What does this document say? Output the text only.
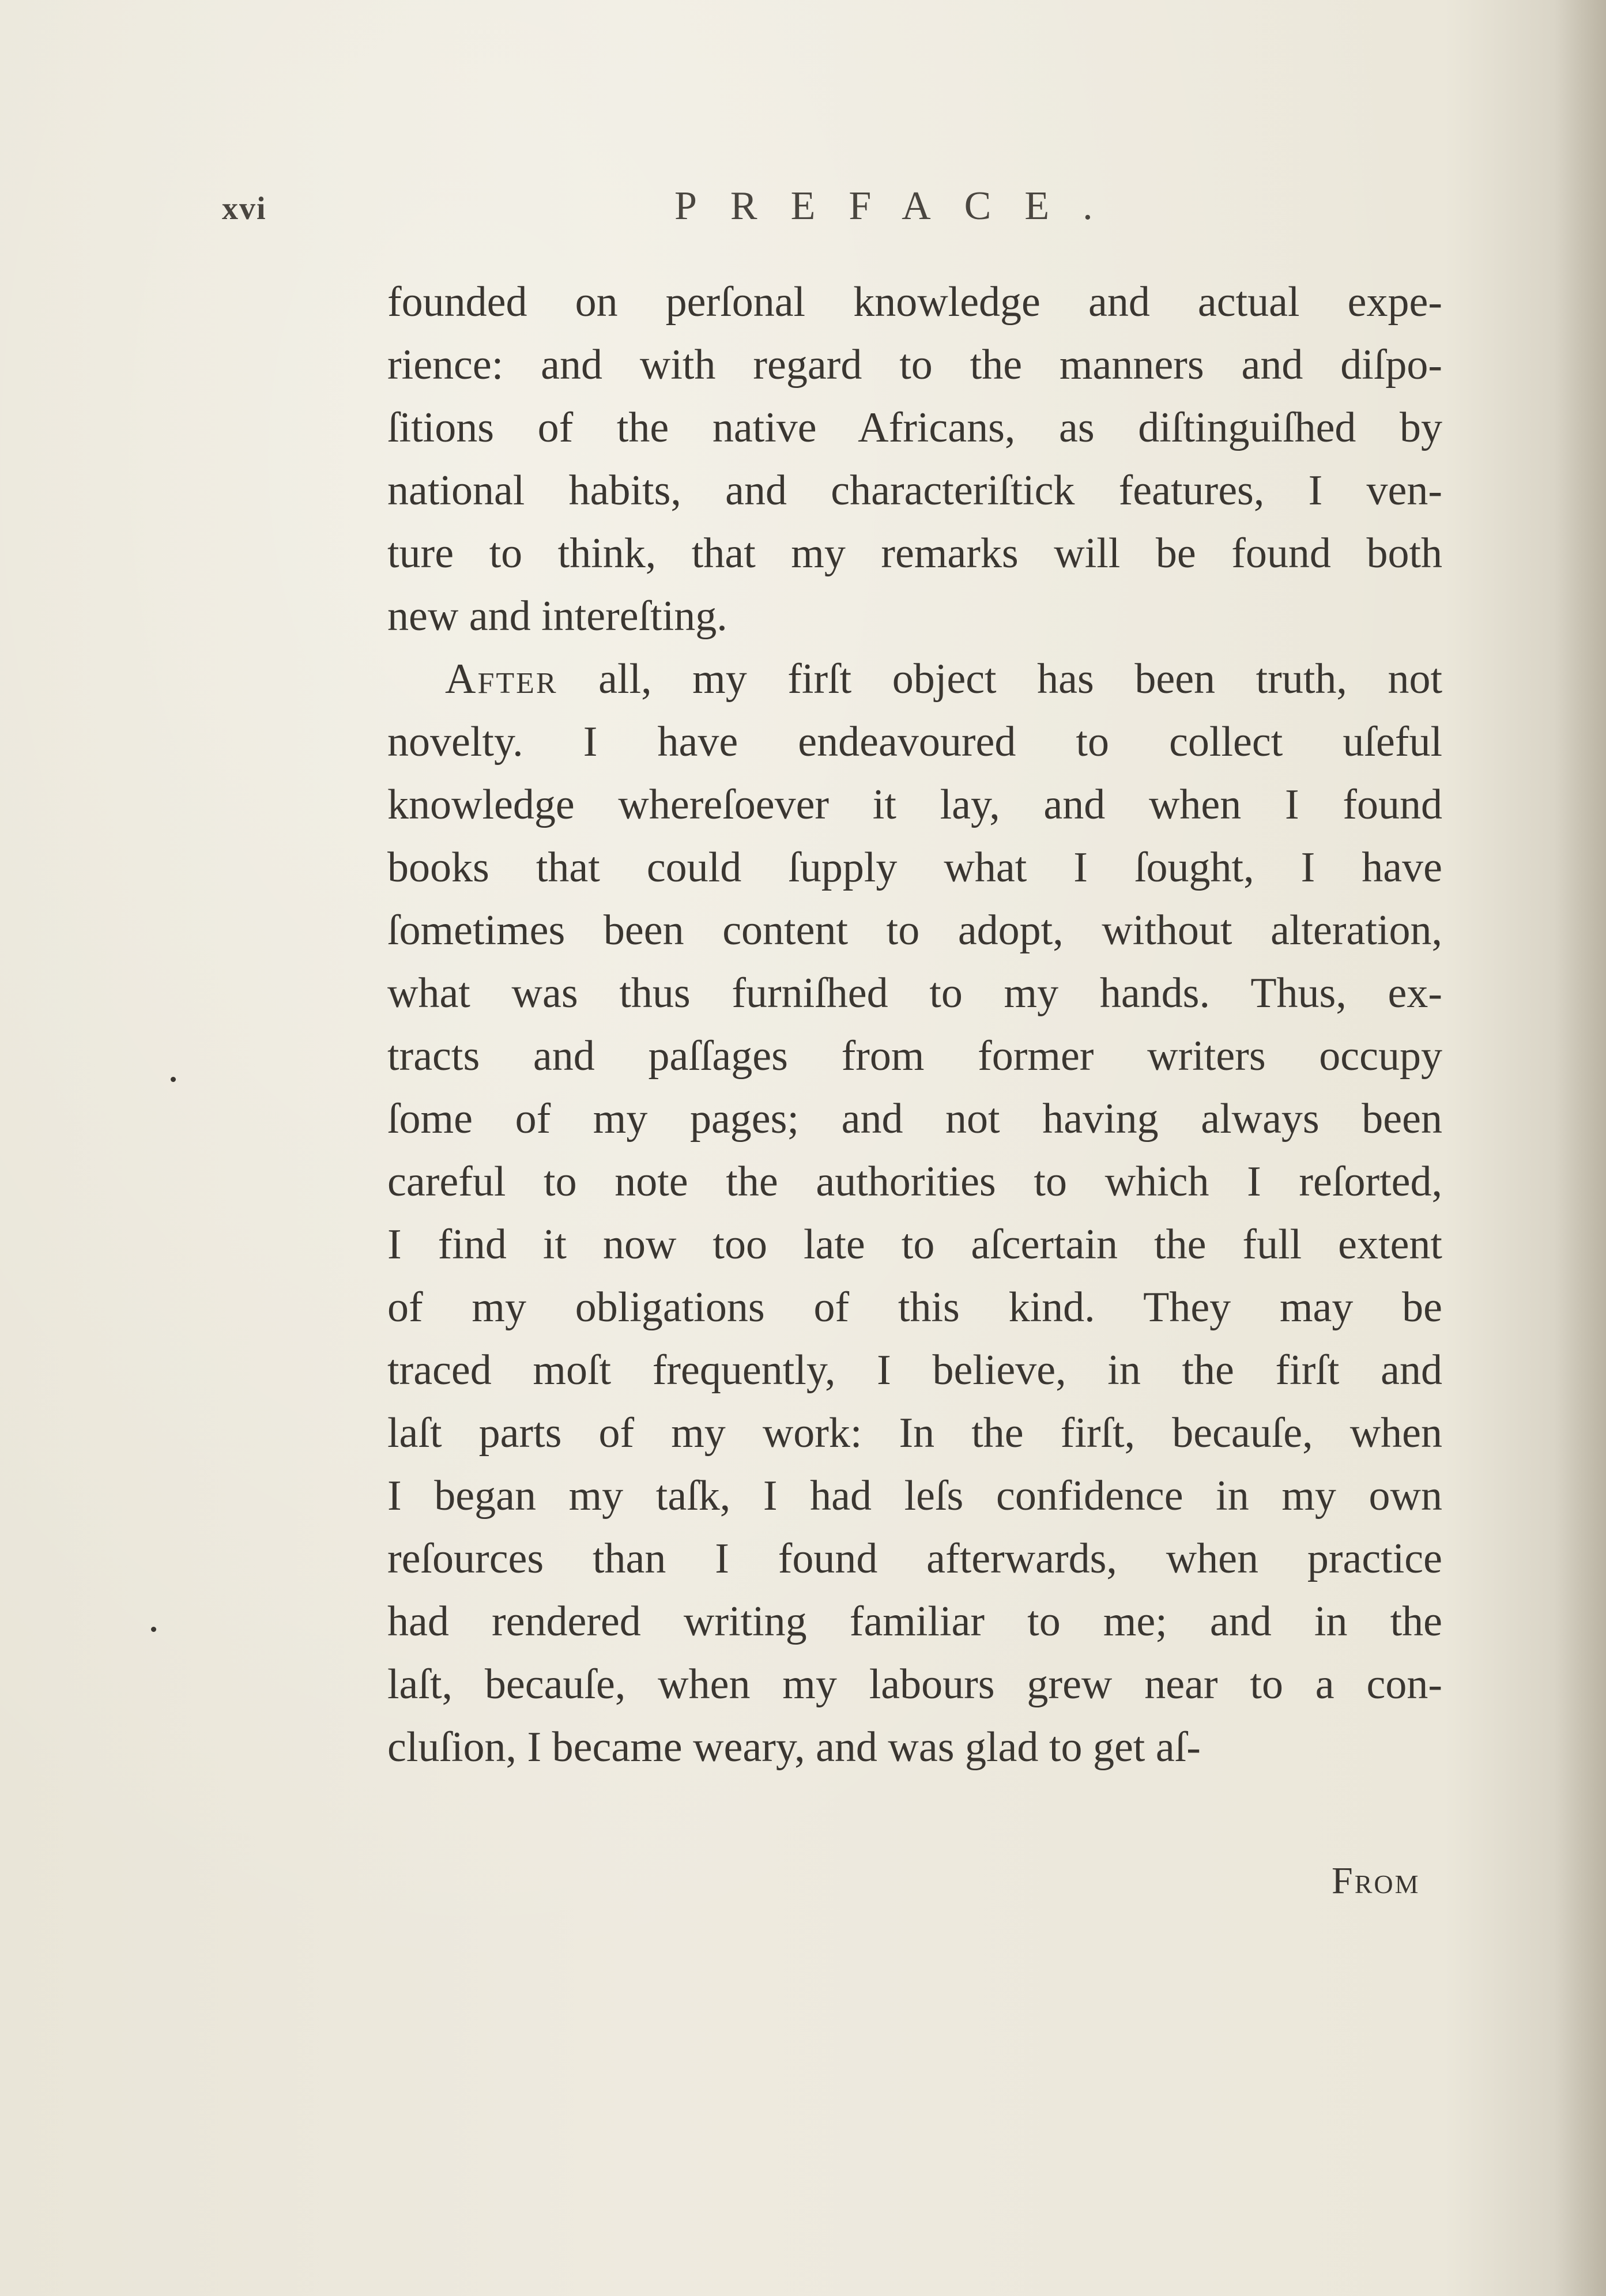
xvi	PREFACE.
founded on perſonal knowledge and actual expe-
rience: and with regard to the manners and diſpo-
ſitions of the native Africans, as diſtinguiſhed by
national habits, and characteriſtick features, I ven-
ture to think, that my remarks will be found both
new and intereſting.
After all, my firſt object has been truth, not
novelty. I have endeavoured to collect uſeful
knowledge whereſoever it lay, and when I found
books that could ſupply what I ſought, I have
ſometimes been content to adopt, without alteration,
what was thus furniſhed to my hands. Thus, ex-
tracts and paſſages from former writers occupy
ſome of my pages; and not having always been
careful to note the authorities to which I reſorted,
I find it now too late to aſcertain the full extent
of my obligations of this kind. They may be
traced moſt frequently, I believe, in the firſt and
laſt parts of my work: In the firſt, becauſe, when
I began my taſk, I had leſs confidence in my own
reſources than I found afterwards, when practice
had rendered writing familiar to me; and in the
laſt, becauſe, when my labours grew near to a con-
cluſion, I became weary, and was glad to get aſ-
From
